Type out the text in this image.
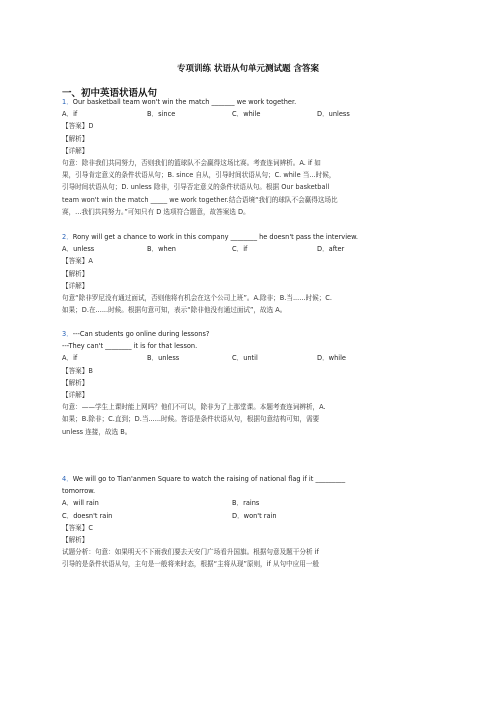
专项训练 状语从句单元测试题 含答案
一、初中英语状语从句
1．Our basketball team won't win the match _______ we work together.
A．if	B．since	C．while	D．unless
【答案】D
【解析】
【详解】
句意：除非我们共同努力，否则我们的篮球队不会赢得这场比赛。考查连词辨析。A. if 如
果，引导肯定意义的条件状语从句；B. since 自从，引导时间状语从句；C. while 当...时候，
引导时间状语从句；D. unless 除非，引导否定意义的条件状语从句。根据 Our basketball
team won't win the match _____ we work together.结合语境“我们的球队不会赢得这场比
赛，...我们共同努力。”可知只有 D 选项符合题意，故答案选 D。
2．Rony will get a chance to work in this company ________ he doesn't pass the interview.
A．unless	B．when	C．if	D．after
【答案】A
【解析】
【详解】
句意“除非罗尼没有通过面试，否则他将有机会在这个公司上班”。A.除非；B.当......时候；C.
如果；D.在......时候。根据句意可知，表示“除非他没有通过面试”，故选 A。
3．---Can students go online during lessons?
---They can't ________ it is for that lesson.
A．if	B．unless	C．until	D．while
【答案】B
【解析】
【详解】
句意：——学生上课时能上网吗？他们不可以，除非为了上那堂课。本题考查连词辨析，A.
如果；B.除非；C.直到；D.当......时候。答语是条件状语从句，根据句意结构可知，需要
unless 连接，故选 B。
4．We will go to Tian'anmen Square to watch the raising of national flag if it _________
tomorrow.
A．will rain	B．rains
C．doesn't rain	D．won't rain
【答案】C
【解析】
试题分析：句意：如果明天不下雨我们要去天安门广场看升国旗。根据句意及题干分析 if
引导的是条件状语从句，主句是一般将来时态，根据“主将从现”原则，if 从句中应用一般
